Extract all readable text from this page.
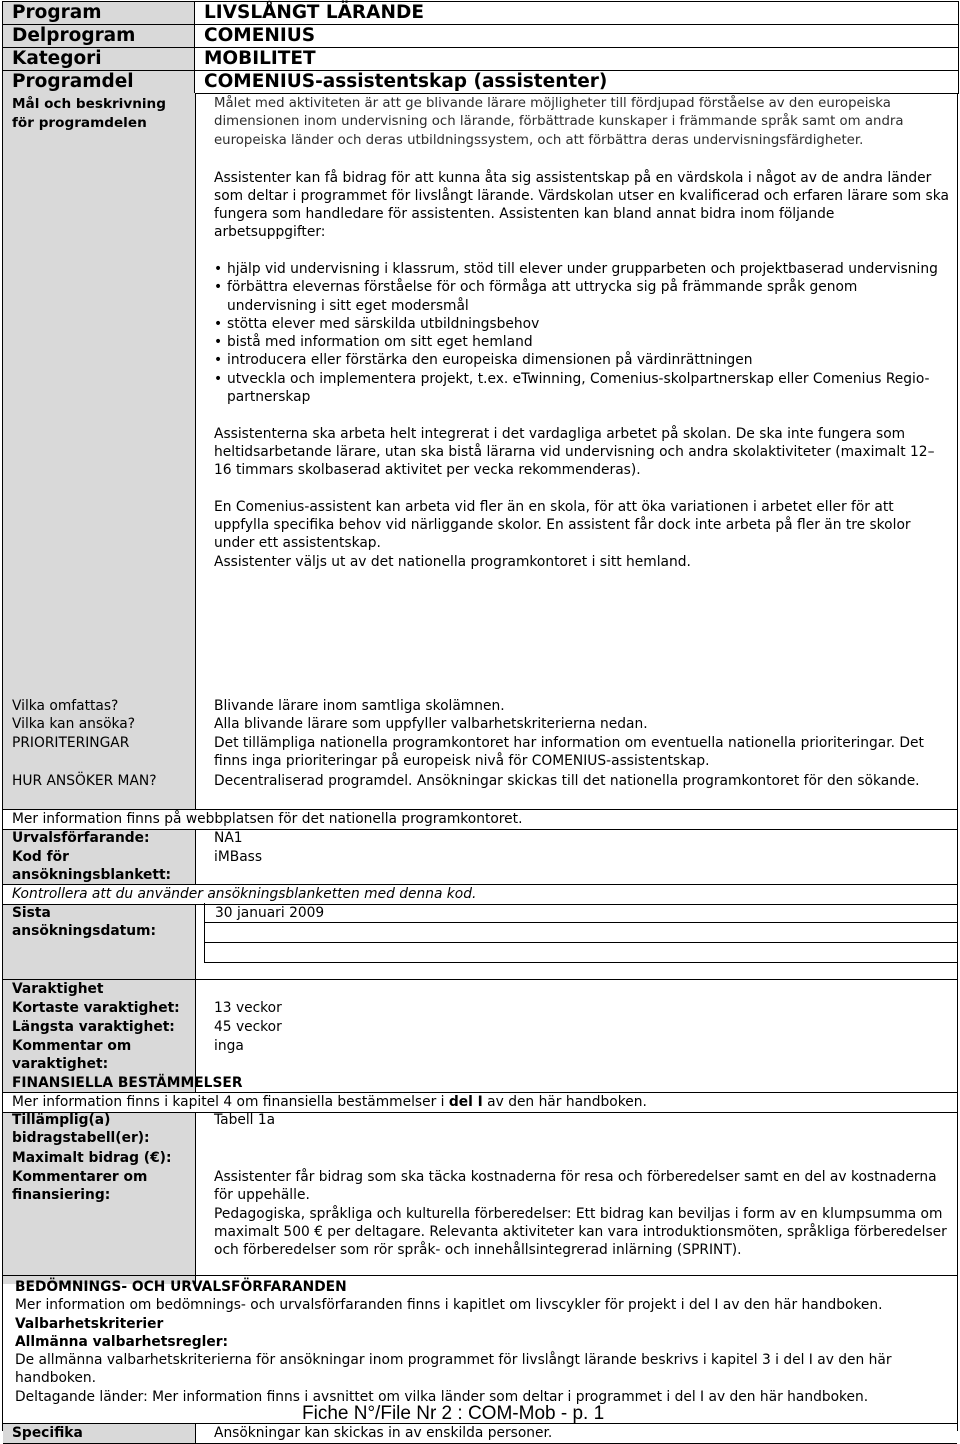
Program	LIVSLÅNGT LÄRANDE
Delprogram	COMENIUS
Kategori	MOBILITET
Programdel	COMENIUS-assistentskap (assistenter)
Mål och beskrivning
för programdelen

Målet med aktiviteten är att ge blivande lärare möjligheter till fördjupad förståelse av den europeiska dimensionen inom undervisning och lärande, förbättrade kunskaper i främmande språk samt om andra europeiska länder och deras utbildningssystem, och att förbättra deras undervisningsfärdigheter.

Assistenter kan få bidrag för att kunna åta sig assistentskap på en värdskola i något av de andra länder som deltar i programmet för livslångt lärande. Värdskolan utser en kvalificerad och erfaren lärare som ska fungera som handledare för assistenten. Assistenten kan bland annat bidra inom följande arbetsuppgifter:

• hjälp vid undervisning i klassrum, stöd till elever under grupparbeten och projektbaserad undervisning
• förbättra elevernas förståelse för och förmåga att uttrycka sig på främmande språk genom undervisning i sitt eget modersmål
• stötta elever med särskilda utbildningsbehov
• bistå med information om sitt eget hemland
• introducera eller förstärka den europeiska dimensionen på värdinrättningen
• utveckla och implementera projekt, t.ex. eTwinning, Comenius-skolpartnerskap eller Comenius Regio-partnerskap

Assistenterna ska arbeta helt integrerat i det vardagliga arbetet på skolan. De ska inte fungera som heltidsarbetande lärare, utan ska bistå lärarna vid undervisning och andra skolaktiviteter (maximalt 12–16 timmars skolbaserad aktivitet per vecka rekommenderas).

En Comenius-assistent kan arbeta vid fler än en skola, för att öka variationen i arbetet eller för att uppfylla specifika behov vid närliggande skolor. En assistent får dock inte arbeta på fler än tre skolor under ett assistentskap.

Assistenter väljs ut av det nationella programkontoret i sitt hemland.

Vilka omfattas?	Blivande lärare inom samtliga skolämnen.
Vilka kan ansöka?	Alla blivande lärare som uppfyller valbarhetskriterierna nedan.
PRIORITERINGAR	Det tillämpliga nationella programkontoret har information om eventuella nationella prioriteringar. Det finns inga prioriteringar på europeisk nivå för COMENIUS-assistentskap.
HUR ANSÖKER MAN?	Decentraliserad programdel. Ansökningar skickas till det nationella programkontoret för den sökande.
Mer information finns på webbplatsen för det nationella programkontoret.
Urvalsförfarande:	NA1
Kod för
ansökningsblankett:
iMBass
Kontrollera att du använder ansökningsblanketten med denna kod.
Sista
ansökningsdatum:
30 januari 2009
Varaktighet
Kortaste varaktighet: 13 veckor
Längsta varaktighet:	45 veckor
Kommentar om
varaktighet:
inga
FINANSIELLA BESTÄMMELSER
Mer information finns i kapitel 4 om finansiella bestämmelser i del I av den här handboken.
Tillämplig(a)
bidragstabell(er):
Tabell 1a
Maximalt bidrag (€):
Kommentarer om
finansiering:

Assistenter får bidrag som ska täcka kostnaderna för resa och förberedelser samt en del av kostnaderna för uppehälle.

Pedagogiska, språkliga och kulturella förberedelser: Ett bidrag kan beviljas i form av en klumpsumma om maximalt 500 € per deltagare. Relevanta aktiviteter kan vara introduktionsmöten, språkliga förberedelser och förberedelser som rör språk- och innehållsintegrerad inlärning (SPRINT).

BEDÖMNINGS- OCH URVALSFÖRFARANDEN
Mer information om bedömnings- och urvalsförfaranden finns i kapitlet om livscykler för projekt i del I av den här handboken.
Valbarhetskriterier
Allmänna valbarhetsregler:
De allmänna valbarhetskriterierna för ansökningar inom programmet för livslångt lärande beskrivs i kapitel 3 i del I av den här handboken.
Deltagande länder: Mer information finns i avsnittet om vilka länder som deltar i programmet i del I av den här handboken.
Specifika	Ansökningar kan skickas in av enskilda personer.
Fiche N°/File Nr 2 : COM-Mob - p. 1
